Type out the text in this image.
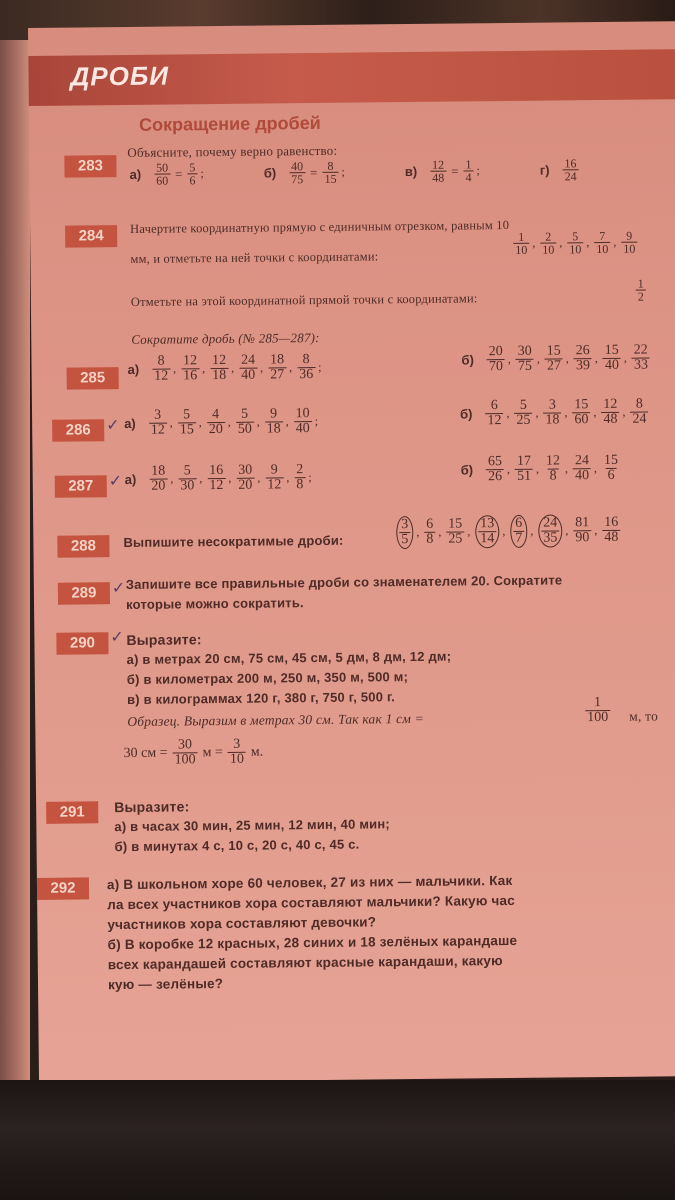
ДРОБИ
Сокращение дробей
283
Объясните, почему верно равенство:
$а) \frac{50}{60} = \frac{5}{6}$ ;	$б) \frac{40}{75} = \frac{8}{15}$ ;	$в) \frac{12}{48} = \frac{1}{4}$ ;	$г) \frac{16}{24}$
284	Начертите координатную прямую с единичным отрезком, равным 10
мм, и отметьте на ней точки с координатами:
$\frac{1}{10}$ , $\frac{2}{10}$ , $\frac{5}{10}$ , $\frac{7}{10}$ , $\frac{9}{10}$
Отметьте на этой координатной прямой точки с координатами:	$\frac{1}{2}$
Сократите дробь (№ 285—287):
285	$а) \frac{8}{12}$ , $\frac{12}{16}$ , $\frac{12}{18}$ , $\frac{24}{40}$ , $\frac{18}{27}$ , $\frac{8}{36}$ ;	$б) \frac{20}{70}$ , $\frac{30}{75}$ , $\frac{15}{27}$ , $\frac{26}{39}$ , $\frac{15}{40}$ , $\frac{22}{33}$
286 ✓ $а) \frac{3}{12}$ , $\frac{5}{15}$ , $\frac{4}{20}$ , $\frac{5}{50}$ , $\frac{9}{18}$ , $\frac{10}{40}$ ;	$б) \frac{6}{12}$ , $\frac{5}{25}$ , $\frac{3}{18}$ , $\frac{15}{60}$ , $\frac{12}{48}$ , $\frac{8}{24}$
287 ✓ $а) \frac{18}{20}$ , $\frac{5}{30}$ , $\frac{16}{12}$ , $\frac{30}{20}$ , $\frac{9}{12}$ , $\frac{2}{8}$ ;	$б) \frac{65}{26}$ , $\frac{17}{51}$ , $\frac{12}{8}$ , $\frac{24}{40}$ , $\frac{15}{6}$
288	Выпишите несократимые дроби:	$\frac{3}{5}$ , $\frac{6}{8}$ , $\frac{15}{25}$ , $\frac{13}{14}$ , $\frac{6}{7}$ , $\frac{24}{35}$ , $\frac{81}{90}$ , $\frac{16}{48}$
289 ✓ Запишите все правильные дроби со знаменателем 20. Сократите
которые можно сократить.
290 ✓ Выразите:
а) в метрах 20 см, 75 см, 45 см, 5 дм, 8 дм, 12 дм;
б) в километрах 200 м, 250 м, 350 м, 500 м;
в) в килограммах 120 г, 380 г, 750 г, 500 г.
Образец. Выразим в метрах 30 см. Так как 1 см =	$\frac{1}{100} м$, то
30 см = $\frac{30}{100}$ $м = \frac{3}{10} м$.
291	Выразите:
а) в часах 30 мин, 25 мин, 12 мин, 40 мин;
б) в минутах 4 с, 10 с, 20 с, 40 с, 45 с.
292	а) В школьном хоре 60 человек, 27 из них — мальчики. Как
ла всех участников хора составляют мальчики? Какую час
участников хора составляют девочки?
б) В коробке 12 красных, 28 синих и 18 зелёных карандаше
всех карандашей составляют красные карандаши, какую
кую — зелёные?
